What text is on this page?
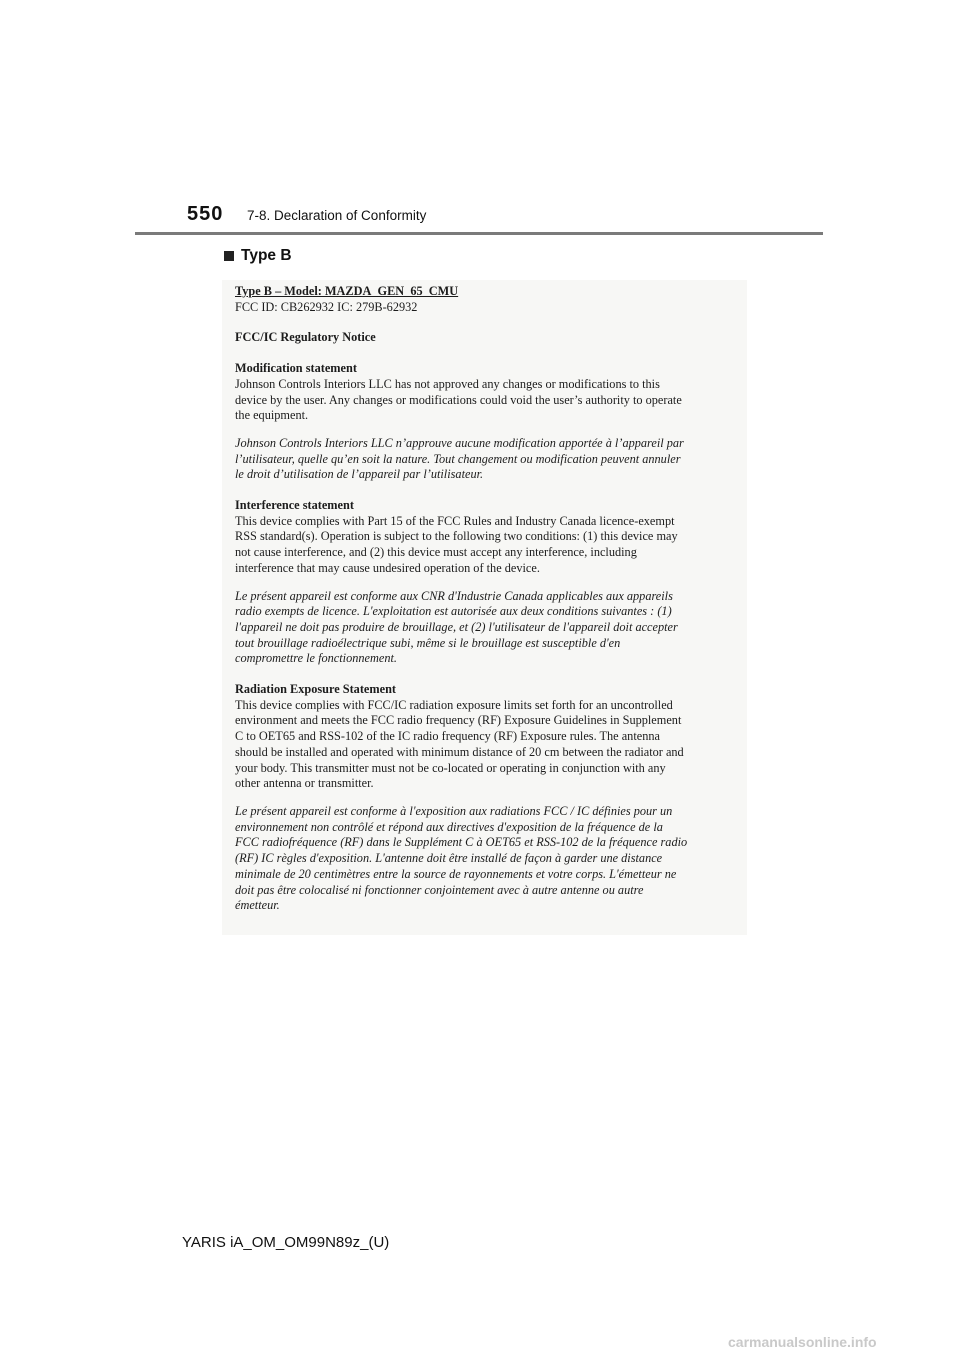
550 7-8. Declaration of Conformity
Type B

Type B – Model: MAZDA_GEN_65_CMU

FCC ID: CB262932 IC: 279B-62932

FCC/IC Regulatory Notice

Modification statement

Johnson Controls Interiors LLC has not approved any changes or modifications to this

device by the user. Any changes or modifications could void the user’s authority to operate

the equipment.

Johnson Controls Interiors LLC n’approuve aucune modification apportée à l’appareil par

l’utilisateur, quelle qu’en soit la nature. Tout changement ou modification peuvent annuler

le droit d’utilisation de l’appareil par l’utilisateur.

Interference statement

This device complies with Part 15 of the FCC Rules and Industry Canada licence-exempt

RSS standard(s). Operation is subject to the following two conditions: (1) this device may

not cause interference, and (2) this device must accept any interference, including

interference that may cause undesired operation of the device.

Le présent appareil est conforme aux CNR d'Industrie Canada applicables aux appareils

radio exempts de licence. L'exploitation est autorisée aux deux conditions suivantes : (1)

l'appareil ne doit pas produire de brouillage, et (2) l'utilisateur de l'appareil doit accepter

tout brouillage radioélectrique subi, même si le brouillage est susceptible d'en

compromettre le fonctionnement.

Radiation Exposure Statement

This device complies with FCC/IC radiation exposure limits set forth for an uncontrolled

environment and meets the FCC radio frequency (RF) Exposure Guidelines in Supplement

C to OET65 and RSS-102 of the IC radio frequency (RF) Exposure rules. The antenna

should be installed and operated with minimum distance of 20 cm between the radiator and

your body. This transmitter must not be co-located or operating in conjunction with any

other antenna or transmitter.

Le présent appareil est conforme à l'exposition aux radiations FCC / IC définies pour un

environnement non contrôlé et répond aux directives d'exposition de la fréquence de la

FCC radiofréquence (RF) dans le Supplément C à OET65 et RSS-102 de la fréquence radio

(RF) IC règles d'exposition. L'antenne doit être installé de façon à garder une distance

minimale de 20 centimètres entre la source de rayonnements et votre corps. L'émetteur ne

doit pas être colocalisé ni fonctionner conjointement avec à autre antenne ou autre

émetteur.

YARIS iA_OM_OM99N89z_(U)
carmanualsonline.info
